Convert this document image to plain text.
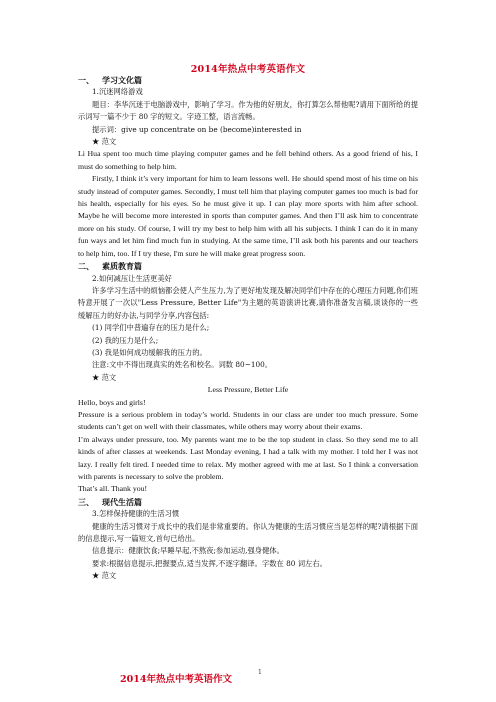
2014年热点中考英语作文

一、	学习文化篇

1.沉迷网络游戏

题目：李华沉迷于电脑游戏中，影响了学习。作为他的好朋友，你打算怎么帮他呢?请用下面所给的提示词写一篇不少于 80 字的短文。字迹工整，语言流畅。

提示词：give up concentrate on be (become)interested in

★ 范文

Li Hua spent too much time playing computer games and he fell behind others. As a good friend of his, I must do something to help him.

Firstly, I think it’s very important for him to learn lessons well. He should spend most of his time on his study instead of computer games. Secondly, I must tell him that playing computer games too much is bad for his health, especially for his eyes. So he must give it up. I can play more sports with him after school. Maybe he will become more interested in sports than computer games. And then I’ll ask him to concentrate more on his study. Of course, I will try my best to help him with all his subjects. I think I can do it in many fun ways and let him find much fun in studying. At the same time, I’ll ask both his parents and our teachers to help him, too. If I try these, I'm sure he will make great progress soon.

二、	素质教育篇

2.如何减压让生活更美好

许多学习生活中的烦恼都会使人产生压力,为了更好地发现及解决同学们中存在的心理压力问题,你们班特意开展了一次以"Less Pressure, Better Life"为主题的英语演讲比赛,请你准备发言稿,谈谈你的一些缓解压力的好办法,与同学分享,内容包括:

(1) 同学们中普遍存在的压力是什么;

(2) 我的压力是什么;

(3) 我是如何成功缓解我的压力的。

注意:文中不得出现真实的姓名和校名。词数 80~100。

★ 范文

Less Pressure, Better Life

Hello, boys and girls!

Pressure is a serious problem in today’s world. Students in our class are under too much pressure. Some students can’t get on well with their classmates, while others may worry about their exams.

I’m always under pressure, too. My parents want me to be the top student in class. So they send me to all kinds of after classes at weekends. Last Monday evening, I had a talk with my mother. I told her I was not lazy. I really felt tired. I needed time to relax. My mother agreed with me at last. So I think a conversation with parents is necessary to solve the problem.

That’s all. Thank you!

三、	现代生活篇

3.怎样保持健康的生活习惯

健康的生活习惯对于成长中的我们是非常重要的。你认为健康的生活习惯应当是怎样的呢?请根据下面的信息提示,写一篇短文,首句已给出。

信息提示：健康饮食;早睡早起,不熬夜;参加运动,强身健体。

要求:根据信息提示,把握要点,适当发挥,不逐字翻译。字数在 80 词左右。

★ 范文

2014年热点中考英语作文
1
